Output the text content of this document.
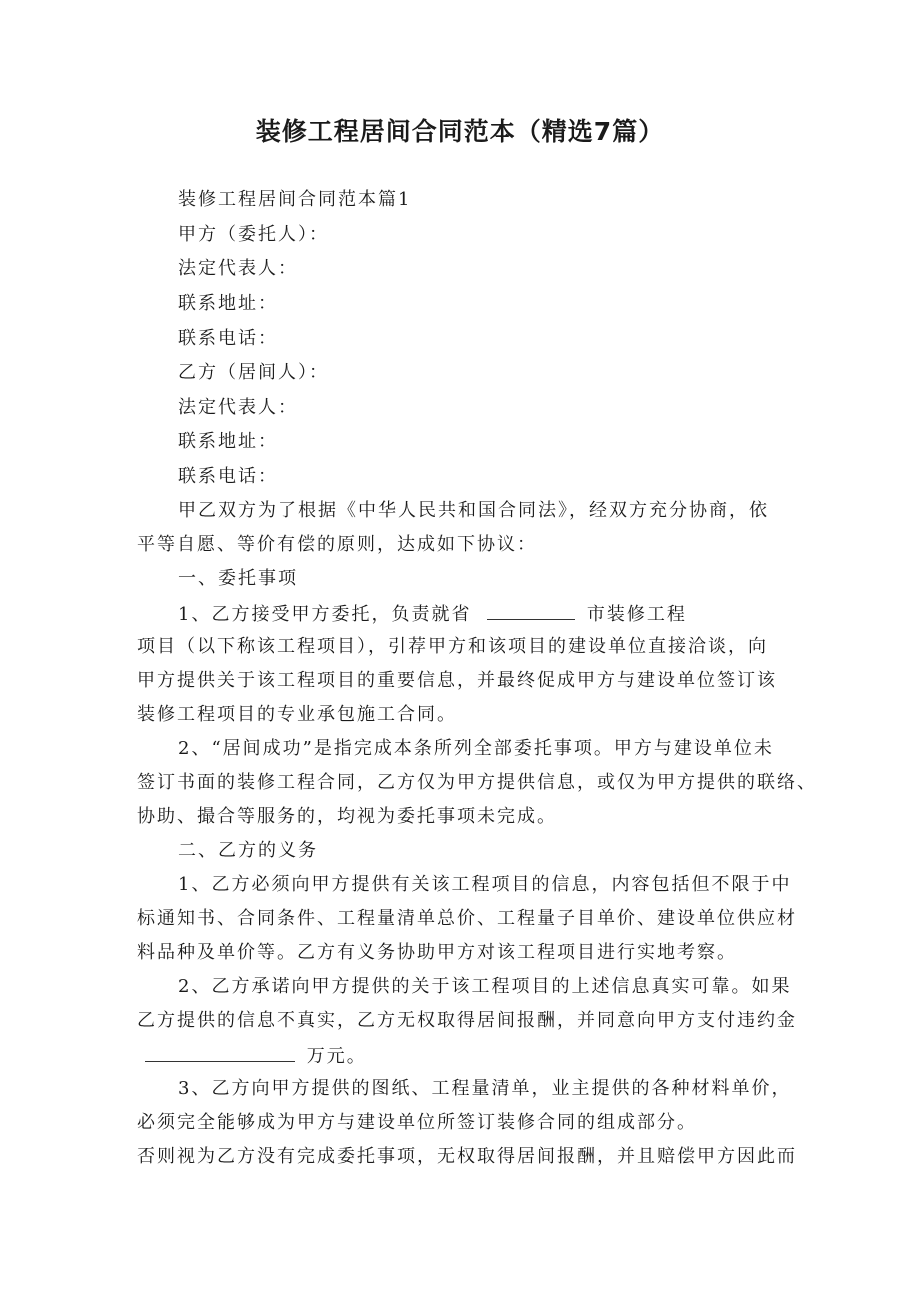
装修工程居间合同范本（精选7篇）
装修工程居间合同范本篇1
甲方（委托人）：
法定代表人：
联系地址：
联系电话：
乙方（居间人）：
法定代表人：
联系地址：
联系电话：
甲乙双方为了根据《中华人民共和国合同法》，经双方充分协商，依
平等自愿、等价有偿的原则，达成如下协议：
一、委托事项
1、乙方接受甲方委托，负责就省	市装修工程
项目（以下称该工程项目），引荐甲方和该项目的建设单位直接洽谈，向
甲方提供关于该工程项目的重要信息，并最终促成甲方与建设单位签订该
装修工程项目的专业承包施工合同。
2、“居间成功”是指完成本条所列全部委托事项。甲方与建设单位未
签订书面的装修工程合同，乙方仅为甲方提供信息，或仅为甲方提供的联络、
协助、撮合等服务的，均视为委托事项未完成。
二、乙方的义务
1、乙方必须向甲方提供有关该工程项目的信息，内容包括但不限于中
标通知书、合同条件、工程量清单总价、工程量子目单价、建设单位供应材
料品种及单价等。乙方有义务协助甲方对该工程项目进行实地考察。
2、乙方承诺向甲方提供的关于该工程项目的上述信息真实可靠。如果
乙方提供的信息不真实，乙方无权取得居间报酬，并同意向甲方支付违约金
万元。
3、乙方向甲方提供的图纸、工程量清单，业主提供的各种材料单价，
必须完全能够成为甲方与建设单位所签订装修合同的组成部分。
否则视为乙方没有完成委托事项，无权取得居间报酬，并且赔偿甲方因此而
